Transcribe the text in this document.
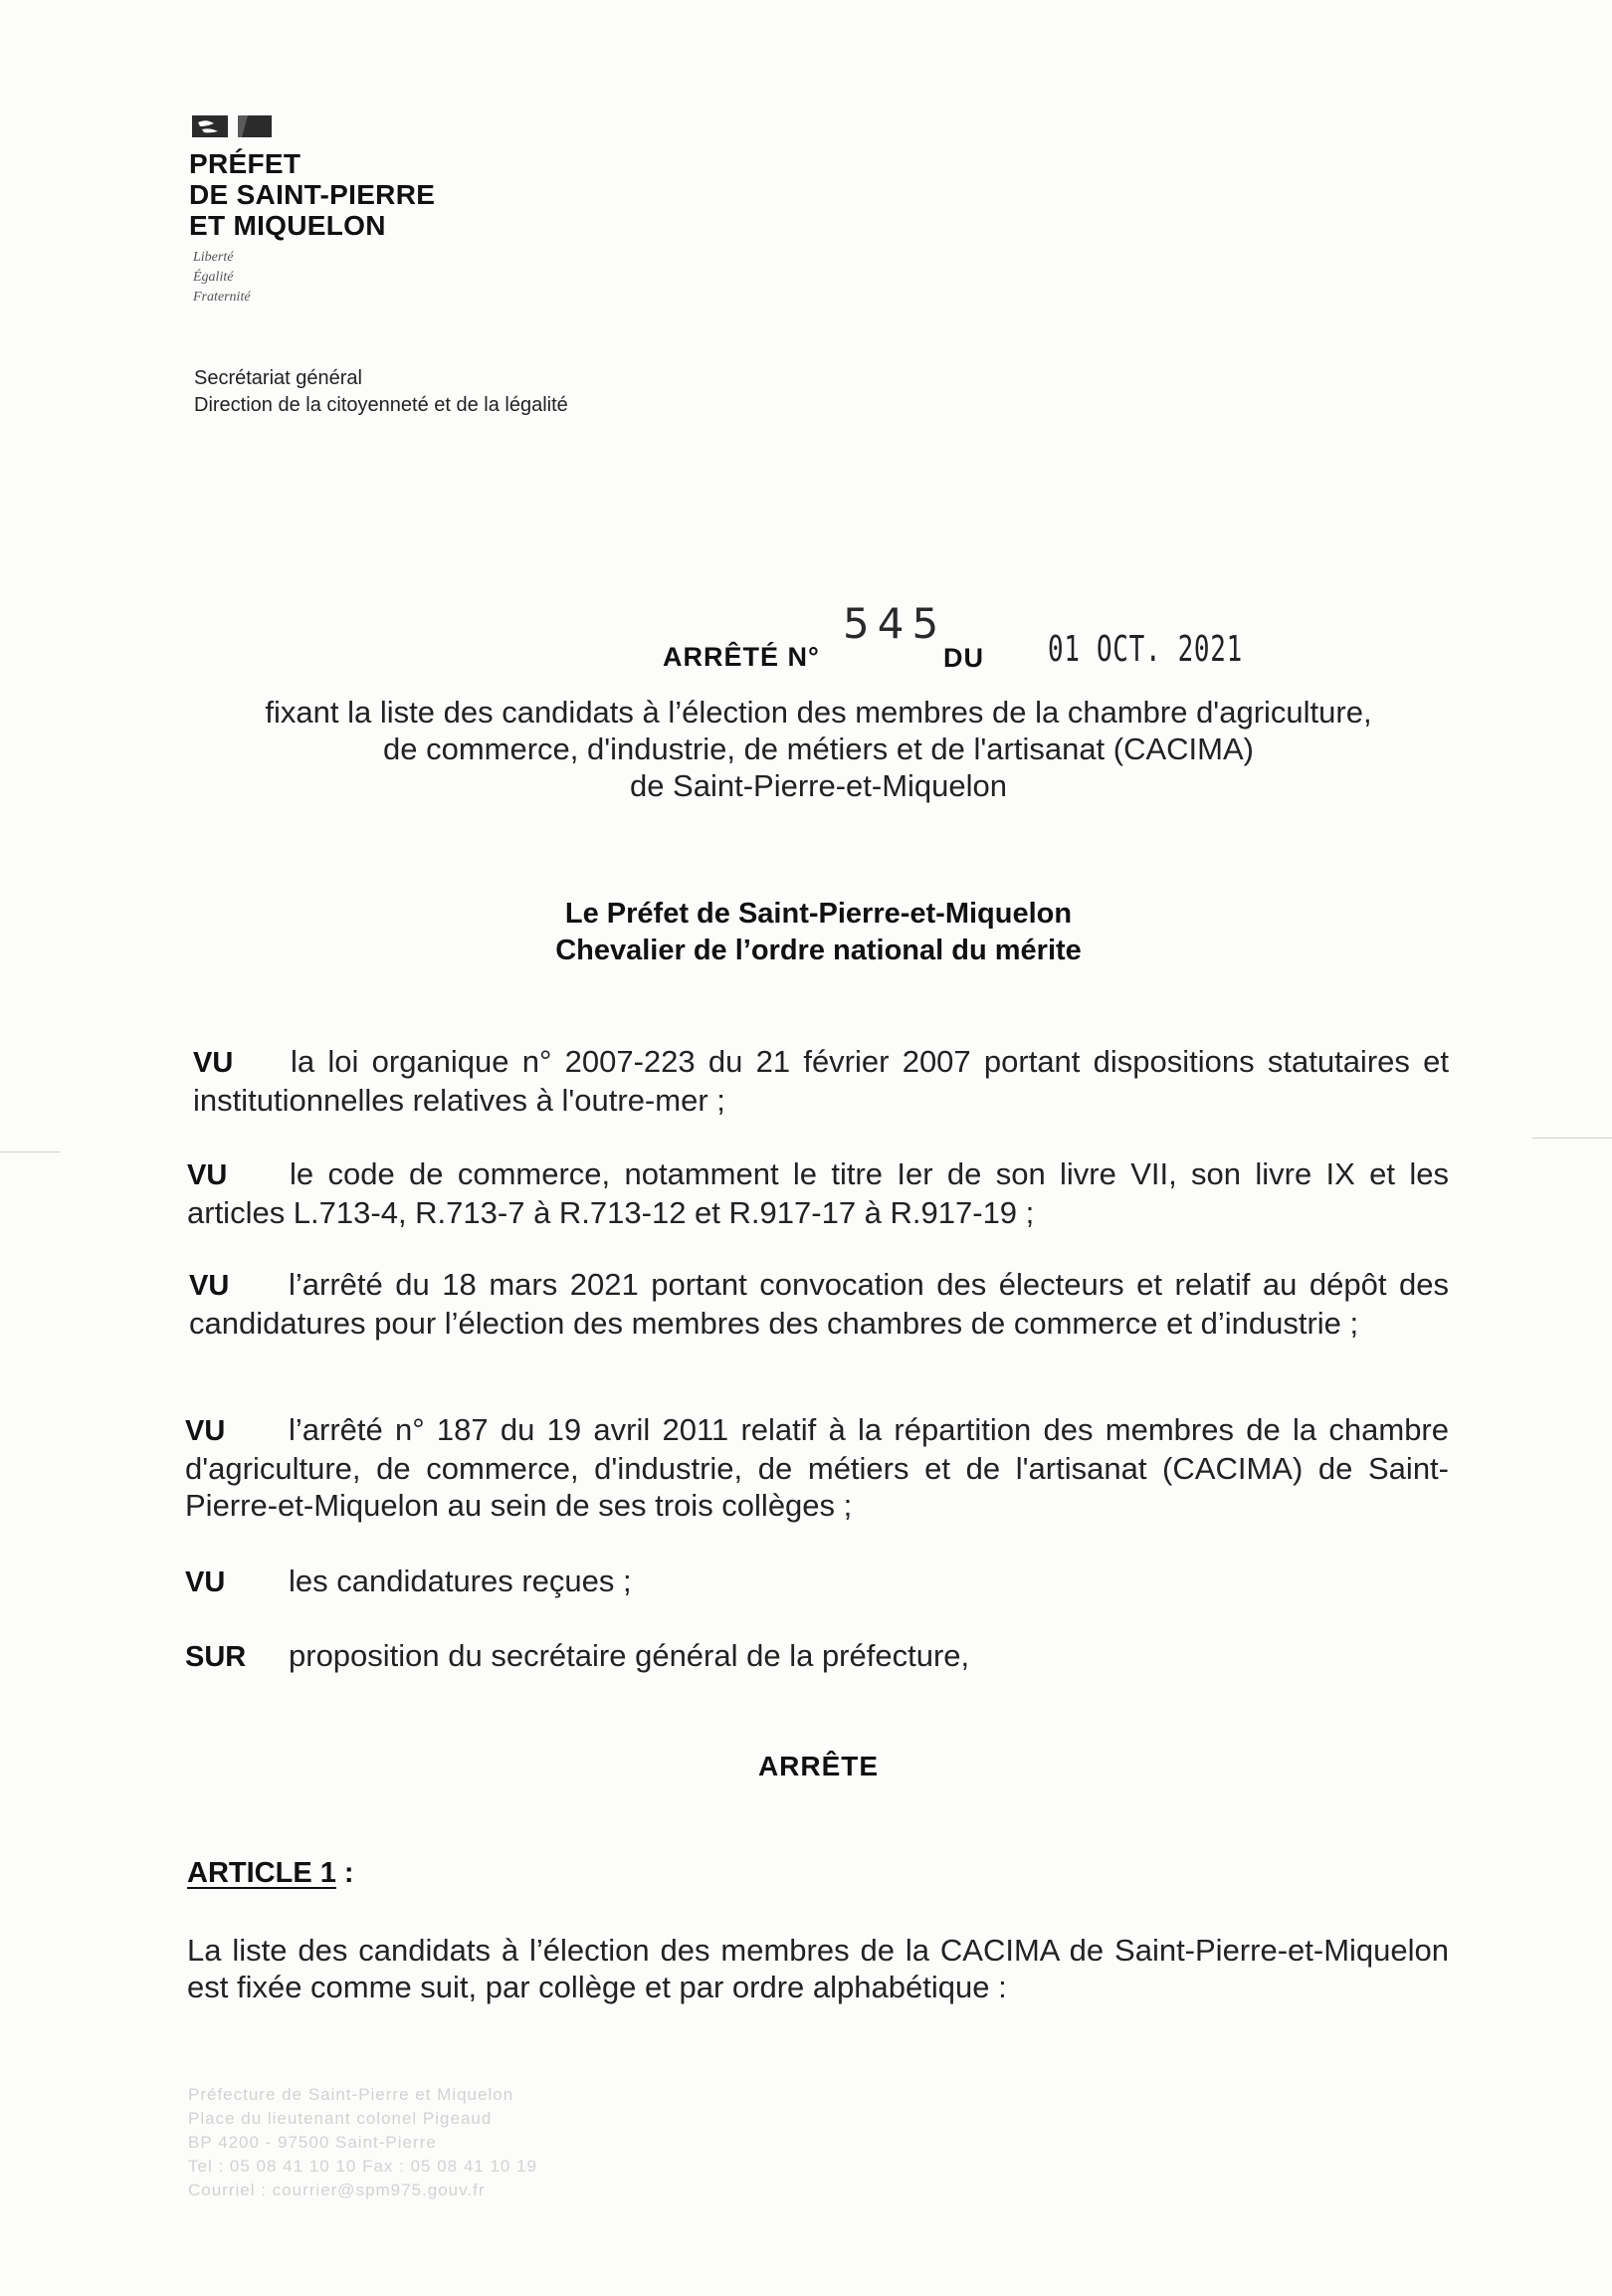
PRÉFET
DE SAINT-PIERRE
ET MIQUELON
Liberté
Égalité
Fraternité
Secrétariat général
Direction de la citoyenneté et de la légalité
ARRÊTÉ N°
545
DU 01 OCT. 2021
fixant la liste des candidats à l’élection des membres de la chambre d'agriculture,
de commerce, d'industrie, de métiers et de l'artisanat (CACIMA)
de Saint-Pierre-et-Miquelon
Le Préfet de Saint-Pierre-et-Miquelon
Chevalier de l’ordre national du mérite
VU la loi organique n° 2007-223 du 21 février 2007 portant dispositions statutaires et institutionnelles relatives à l'outre-mer ;
VU le code de commerce, notamment le titre Ier de son livre VII, son livre IX et les articles L.713-4, R.713-7 à R.713-12 et R.917-17 à R.917-19 ;
VU l’arrêté du 18 mars 2021 portant convocation des électeurs et relatif au dépôt des candidatures pour l’élection des membres des chambres de commerce et d’industrie ;
VU l’arrêté n° 187 du 19 avril 2011 relatif à la répartition des membres de la chambre d'agriculture, de commerce, d'industrie, de métiers et de l'artisanat (CACIMA) de Saint-Pierre-et-Miquelon au sein de ses trois collèges ;
VU les candidatures reçues ;
SUR proposition du secrétaire général de la préfecture,
ARRÊTE
ARTICLE 1 :
La liste des candidats à l’élection des membres de la CACIMA de Saint-Pierre-et-Miquelon est fixée comme suit, par collège et par ordre alphabétique :
Préfecture de Saint-Pierre et Miquelon
Place du lieutenant colonel Pigeaud
BP 4200 - 97500 Saint-Pierre
Tel : 05 08 41 10 10 Fax : 05 08 41 10 19
Courriel : courrier@spm975.gouv.fr
